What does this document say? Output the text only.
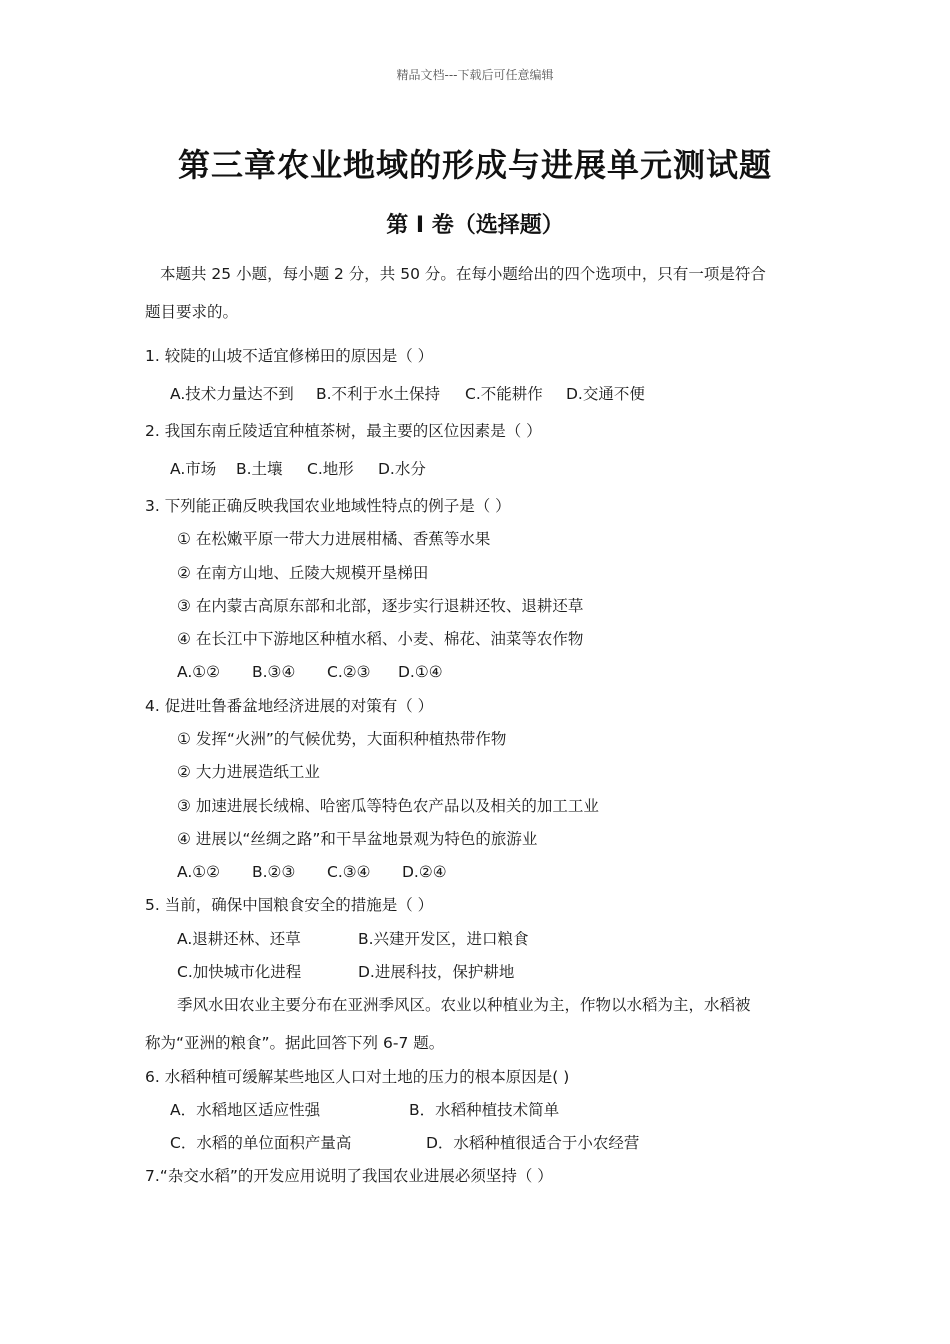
精品文档---下载后可任意编辑
第三章农业地域的形成与进展单元测试题
第 I 卷（选择题）
本题共 25 小题，每小题 2 分，共 50 分。在每小题给出的四个选项中，只有一项是符合
题目要求的。
1. 较陡的山坡不适宜修梯田的原因是（ ）
A.技术力量达不到 B.不利于水土保持 C.不能耕作 D.交通不便
2. 我国东南丘陵适宜种植茶树，最主要的区位因素是（ ）
A.市场 B.土壤 C.地形 D.水分
3. 下列能正确反映我国农业地域性特点的例子是（ ）
① 在松嫩平原一带大力进展柑橘、香蕉等水果
② 在南方山地、丘陵大规模开垦梯田
③ 在内蒙古高原东部和北部，逐步实行退耕还牧、退耕还草
④ 在长江中下游地区种植水稻、小麦、棉花、油菜等农作物
A.①② B.③④ C.②③ D.①④
4. 促进吐鲁番盆地经济进展的对策有（ ）
① 发挥“火洲”的气候优势，大面积种植热带作物
② 大力进展造纸工业
③ 加速进展长绒棉、哈密瓜等特色农产品以及相关的加工工业
④ 进展以“丝绸之路”和干旱盆地景观为特色的旅游业
A.①② B.②③ C.③④ D.②④
5. 当前，确保中国粮食安全的措施是（ ）
A.退耕还林、还草	B.兴建开发区，进口粮食
C.加快城市化进程	D.进展科技，保护耕地
季风水田农业主要分布在亚洲季风区。农业以种植业为主，作物以水稻为主，水稻被
称为“亚洲的粮食”。据此回答下列 6-7 题。
6. 水稻种植可缓解某些地区人口对土地的压力的根本原因是( )
A．水稻地区适应性强	B．水稻种植技术简单
C．水稻的单位面积产量高	D．水稻种植很适合于小农经营
7.“杂交水稻”的开发应用说明了我国农业进展必须坚持（ ）
